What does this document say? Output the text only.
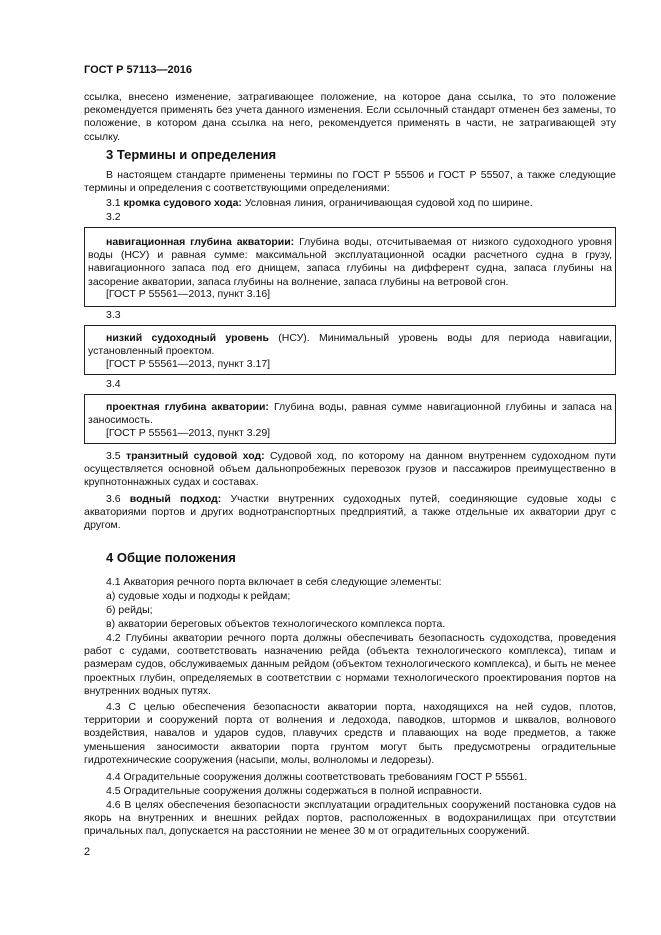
ГОСТ Р 57113—2016
ссылка, внесено изменение, затрагивающее положение, на которое дана ссылка, то это положение рекомендуется применять без учета данного изменения. Если ссылочный стандарт отменен без замены, то положение, в котором дана ссылка на него, рекомендуется применять в части, не затрагивающей эту ссылку.
3 Термины и определения
В настоящем стандарте применены термины по ГОСТ Р 55506 и ГОСТ Р 55507, а также следующие термины и определения с соответствующими определениями:
3.1 кромка судового хода: Условная линия, ограничивающая судовой ход по ширине.
3.2
навигационная глубина акватории: Глубина воды, отсчитываемая от низкого судоходного уровня воды (НСУ) и равная сумме: максимальной эксплуатационной осадки расчетного судна в грузу, навигационного запаса под его днищем, запаса глубины на дифферент судна, запаса глубины на засорение акватории, запаса глубины на волнение, запаса глубины на ветровой сгон.
[ГОСТ Р 55561—2013, пункт 3.16]
3.3
низкий судоходный уровень (НСУ). Минимальный уровень воды для периода навигации, установленный проектом.
[ГОСТ Р 55561—2013, пункт 3.17]
3.4
проектная глубина акватории: Глубина воды, равная сумме навигационной глубины и запаса на заносимость.
[ГОСТ Р 55561—2013, пункт 3.29]
3.5 транзитный судовой ход: Судовой ход, по которому на данном внутреннем судоходном пути осуществляется основной объем дальнопробежных перевозок грузов и пассажиров преимущественно в крупнотоннажных судах и составах.
3.6 водный подход: Участки внутренних судоходных путей, соединяющие судовые ходы с акваториями портов и других воднотранспортных предприятий, а также отдельные их акватории друг с другом.
4 Общие положения
4.1 Акватория речного порта включает в себя следующие элементы:
а) судовые ходы и подходы к рейдам;
б) рейды;
в) акватории береговых объектов технологического комплекса порта.
4.2 Глубины акватории речного порта должны обеспечивать безопасность судоходства, проведения работ с судами, соответствовать назначению рейда (объекта технологического комплекса), типам и размерам судов, обслуживаемых данным рейдом (объектом технологического комплекса), и быть не менее проектных глубин, определяемых в соответствии с нормами технологического проектирования портов на внутренних водных путях.
4.3 С целью обеспечения безопасности акватории порта, находящихся на ней судов, плотов, территории и сооружений порта от волнения и ледохода, паводков, штормов и шквалов, волнового воздействия, навалов и ударов судов, плавучих средств и плавающих на воде предметов, а также уменьшения заносимости акватории порта грунтом могут быть предусмотрены оградительные гидротехнические сооружения (насыпи, молы, волноломы и ледорезы).
4.4 Оградительные сооружения должны соответствовать требованиям ГОСТ Р 55561.
4.5 Оградительные сооружения должны содержаться в полной исправности.
4.6 В целях обеспечения безопасности эксплуатации оградительных сооружений постановка судов на якорь на внутренних и внешних рейдах портов, расположенных в водохранилищах при отсутствии причальных пал, допускается на расстоянии не менее 30 м от оградительных сооружений.
2
